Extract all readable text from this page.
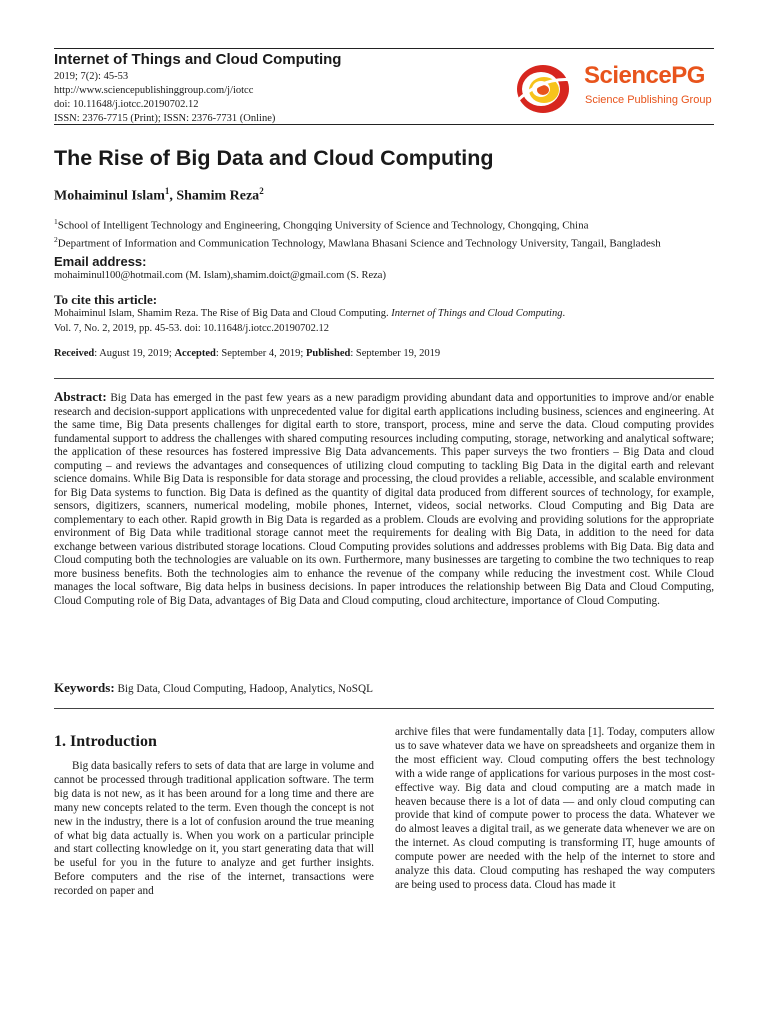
Internet of Things and Cloud Computing
2019; 7(2): 45-53
http://www.sciencepublishinggroup.com/j/iotcc
doi: 10.11648/j.iotcc.20190702.12
ISSN: 2376-7715 (Print); ISSN: 2376-7731 (Online)
SciencePG
Science Publishing Group
The Rise of Big Data and Cloud Computing
Mohaiminul Islam$^1$, Shamim Reza$^2$
$^1$School of Intelligent Technology and Engineering, Chongqing University of Science and Technology, Chongqing, China
$^2$Department of Information and Communication Technology, Mawlana Bhasani Science and Technology University, Tangail, Bangladesh
Email address:
mohaiminul100@hotmail.com (M. Islam),shamim.doict@gmail.com (S. Reza)
To cite this article:
Mohaiminul Islam, Shamim Reza. The Rise of Big Data and Cloud Computing. Internet of Things and Cloud Computing.
Vol. 7, No. 2, 2019, pp. 45-53. doi: 10.11648/j.iotcc.20190702.12
Received: August 19, 2019; Accepted: September 4, 2019; Published: September 19, 2019
Abstract: Big Data has emerged in the past few years as a new paradigm providing abundant data and opportunities to improve and/or enable research and decision-support applications with unprecedented value for digital earth applications including business, sciences and engineering. At the same time, Big Data presents challenges for digital earth to store, transport, process, mine and serve the data. Cloud computing provides fundamental support to address the challenges with shared computing resources including computing, storage, networking and analytical software; the application of these resources has fostered impressive Big Data advancements. This paper surveys the two frontiers – Big Data and cloud computing – and reviews the advantages and consequences of utilizing cloud computing to tackling Big Data in the digital earth and relevant science domains. While Big Data is responsible for data storage and processing, the cloud provides a reliable, accessible, and scalable environment for Big Data systems to function. Big Data is defined as the quantity of digital data produced from different sources of technology, for example, sensors, digitizers, scanners, numerical modeling, mobile phones, Internet, videos, social networks. Cloud Computing and Big Data are complementary to each other. Rapid growth in Big Data is regarded as a problem. Clouds are evolving and providing solutions for the appropriate environment of Big Data while traditional storage cannot meet the requirements for dealing with Big Data, in addition to the need for data exchange between various distributed storage locations. Cloud Computing provides solutions and addresses problems with Big Data. Big data and Cloud computing both the technologies are valuable on its own. Furthermore, many businesses are targeting to combine the two techniques to reap more business benefits. Both the technologies aim to enhance the revenue of the company while reducing the investment cost. While Cloud manages the local software, Big data helps in business decisions. In paper introduces the relationship between Big Data and Cloud Computing, Cloud Computing role of Big Data, advantages of Big Data and Cloud computing, cloud architecture, importance of Cloud Computing.
Keywords: Big Data, Cloud Computing, Hadoop, Analytics, NoSQL
1. Introduction
Big data basically refers to sets of data that are large in volume and cannot be processed through traditional application software. The term big data is not new, as it has been around for a long time and there are many new concepts related to the term. Even though the concept is not new in the industry, there is a lot of confusion around the true meaning of what big data actually is. When you work on a particular principle and start collecting knowledge on it, you start generating data that will be useful for you in the future to analyze and get further insights. Before computers and the rise of the internet, transactions were recorded on paper and
archive files that were fundamentally data [1]. Today, computers allow us to save whatever data we have on spreadsheets and organize them in the most efficient way. Cloud computing offers the best technology with a wide range of applications for various purposes in the most cost-effective way. Big data and cloud computing are a match made in heaven because there is a lot of data — and only cloud computing can provide that kind of compute power to process the data. Whatever we do almost leaves a digital trail, as we generate data whenever we are on the internet. As cloud computing is transforming IT, huge amounts of compute power are needed with the help of the internet to store and analyze this data. Cloud computing has reshaped the way computers are being used to process data. Cloud has made it
